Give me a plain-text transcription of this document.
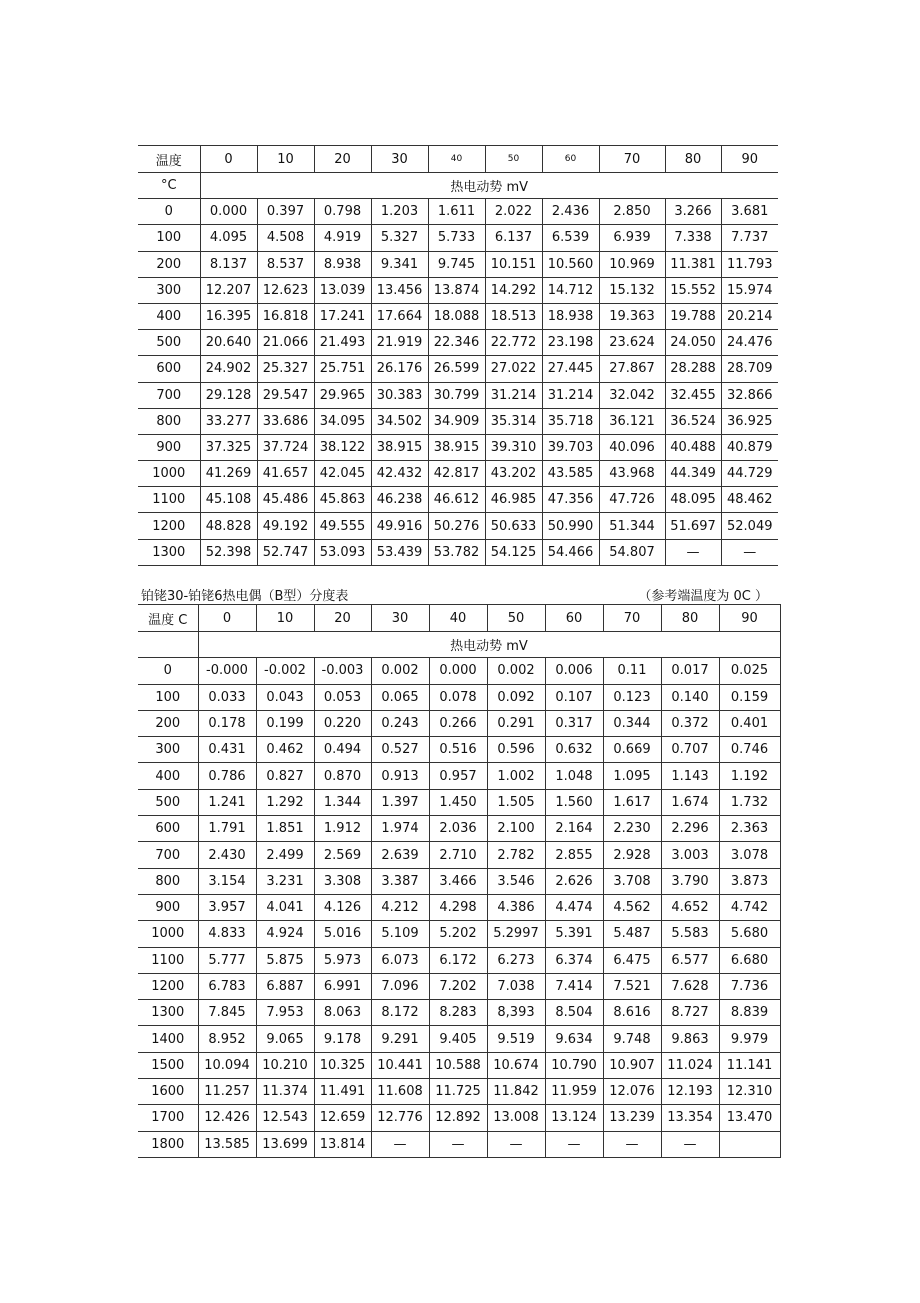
温度	0	10	20	30	40	50	60	70	80	90
°C	热电动势 mV									
0	0.000	0.397	0.798	1.203	1.611	2.022	2.436	2.850	3.266	3.681
100	4.095	4.508	4.919	5.327	5.733	6.137	6.539	6.939	7.338	7.737
200	8.137	8.537	8.938	9.341	9.745	10.151	10.560	10.969	11.381	11.793
300	12.207	12.623	13.039	13.456	13.874	14.292	14.712	15.132	15.552	15.974
400	16.395	16.818	17.241	17.664	18.088	18.513	18.938	19.363	19.788	20.214
500	20.640	21.066	21.493	21.919	22.346	22.772	23.198	23.624	24.050	24.476
600	24.902	25.327	25.751	26.176	26.599	27.022	27.445	27.867	28.288	28.709
700	29.128	29.547	29.965	30.383	30.799	31.214	31.214	32.042	32.455	32.866
800	33.277	33.686	34.095	34.502	34.909	35.314	35.718	36.121	36.524	36.925
900	37.325	37.724	38.122	38.915	38.915	39.310	39.703	40.096	40.488	40.879
1000	41.269	41.657	42.045	42.432	42.817	43.202	43.585	43.968	44.349	44.729
1100	45.108	45.486	45.863	46.238	46.612	46.985	47.356	47.726	48.095	48.462
1200	48.828	49.192	49.555	49.916	50.276	50.633	50.990	51.344	51.697	52.049
1300	52.398	52.747	53.093	53.439	53.782	54.125	54.466	54.807	—	—
铂铑30-铂铑6热电偶（B型）分度表	（参考端温度为 0C ）
温度 C	0	10	20	30	40	50	60	70	80	90
	热电动势 mV									
0	-0.000	-0.002	-0.003	0.002	0.000	0.002	0.006	0.11	0.017	0.025
100	0.033	0.043	0.053	0.065	0.078	0.092	0.107	0.123	0.140	0.159
200	0.178	0.199	0.220	0.243	0.266	0.291	0.317	0.344	0.372	0.401
300	0.431	0.462	0.494	0.527	0.516	0.596	0.632	0.669	0.707	0.746
400	0.786	0.827	0.870	0.913	0.957	1.002	1.048	1.095	1.143	1.192
500	1.241	1.292	1.344	1.397	1.450	1.505	1.560	1.617	1.674	1.732
600	1.791	1.851	1.912	1.974	2.036	2.100	2.164	2.230	2.296	2.363
700	2.430	2.499	2.569	2.639	2.710	2.782	2.855	2.928	3.003	3.078
800	3.154	3.231	3.308	3.387	3.466	3.546	2.626	3.708	3.790	3.873
900	3.957	4.041	4.126	4.212	4.298	4.386	4.474	4.562	4.652	4.742
1000	4.833	4.924	5.016	5.109	5.202	5.2997	5.391	5.487	5.583	5.680
1100	5.777	5.875	5.973	6.073	6.172	6.273	6.374	6.475	6.577	6.680
1200	6.783	6.887	6.991	7.096	7.202	7.038	7.414	7.521	7.628	7.736
1300	7.845	7.953	8.063	8.172	8.283	8,393	8.504	8.616	8.727	8.839
1400	8.952	9.065	9.178	9.291	9.405	9.519	9.634	9.748	9.863	9.979
1500	10.094	10.210	10.325	10.441	10.588	10.674	10.790	10.907	11.024	11.141
1600	11.257	11.374	11.491	11.608	11.725	11.842	11.959	12.076	12.193	12.310
1700	12.426	12.543	12.659	12.776	12.892	13.008	13.124	13.239	13.354	13.470
1800	13.585	13.699	13.814	—	—	—	—	—	—	
